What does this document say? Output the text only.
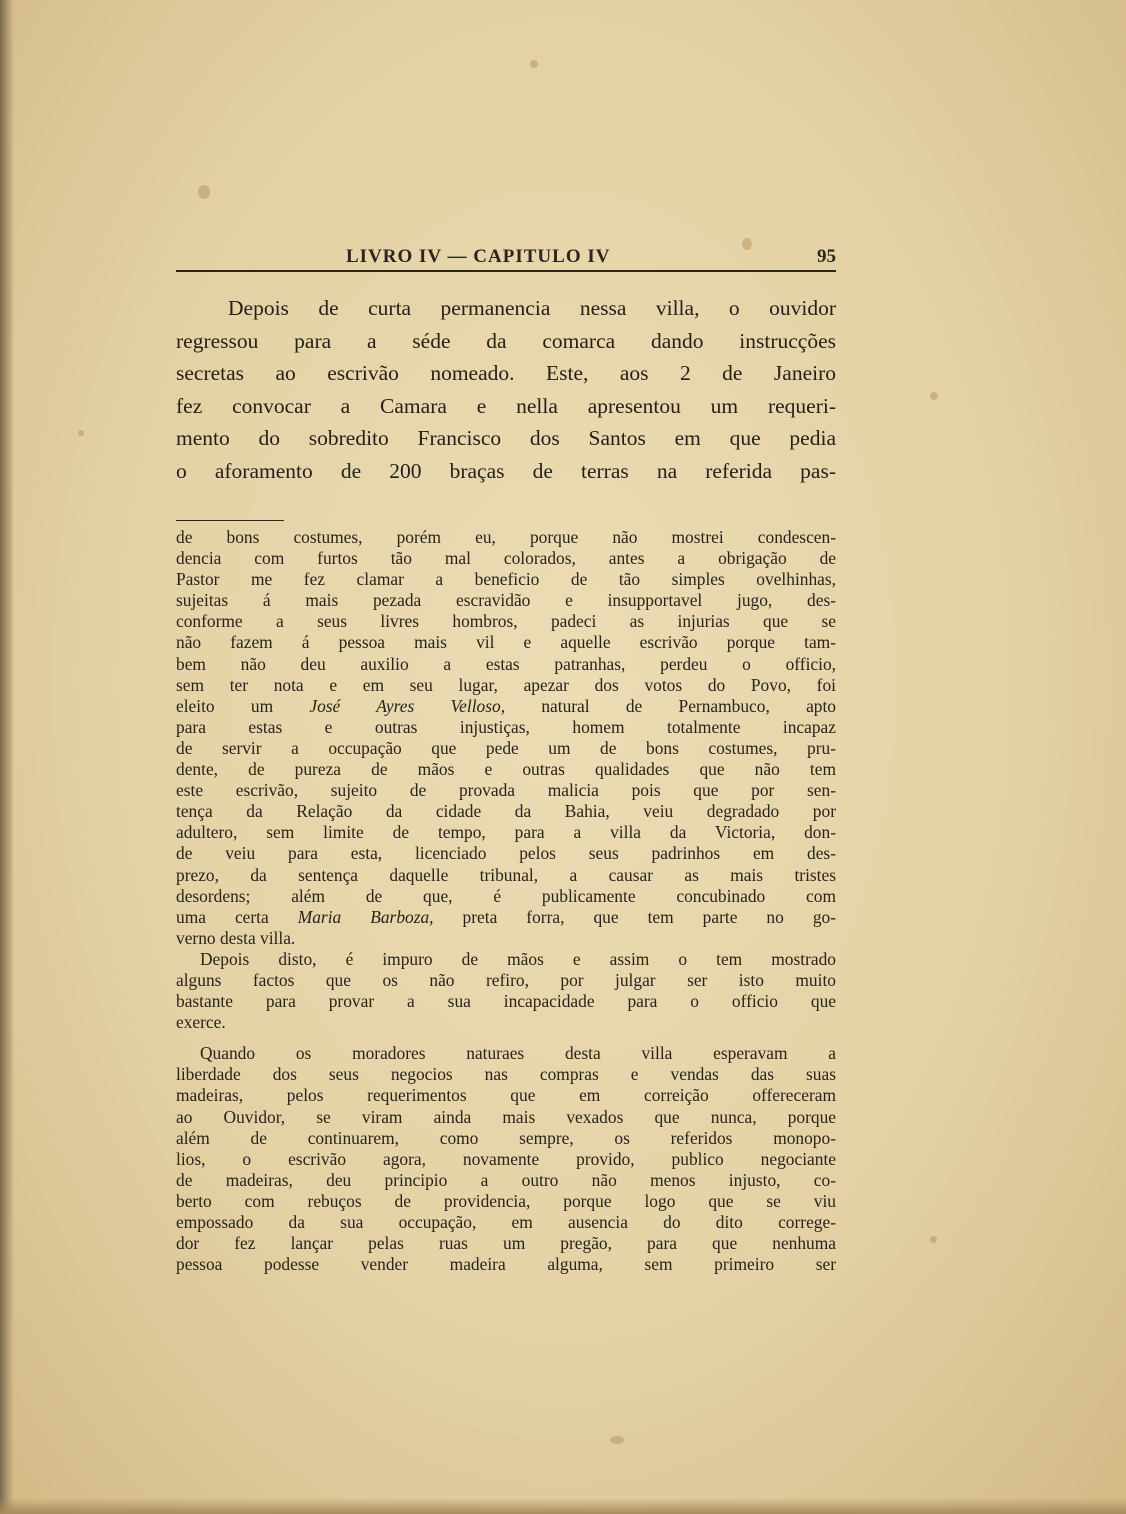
LIVRO IV — CAPITULO IV	95
Depois de curta permanencia nessa villa, o ouvidor
regressou para a séde da comarca dando instrucções
secretas ao escrivão nomeado. Este, aos 2 de Janeiro
fez convocar a Camara e nella apresentou um requeri-
mento do sobredito Francisco dos Santos em que pedia
o aforamento de 200 braças de terras na referida pas-
de bons costumes, porém eu, porque não mostrei condescen-
dencia com furtos tão mal colorados, antes a obrigação de
Pastor me fez clamar a beneficio de tão simples ovelhinhas,
sujeitas á mais pezada escravidão e insupportavel jugo, des-
conforme a seus livres hombros, padeci as injurias que se
não fazem á pessoa mais vil e aquelle escrivão porque tam-
bem não deu auxilio a estas patranhas, perdeu o officio,
sem ter nota e em seu lugar, apezar dos votos do Povo, foi
eleito um José Ayres Velloso, natural de Pernambuco, apto
para estas e outras injustiças, homem totalmente incapaz
de servir a occupação que pede um de bons costumes, pru-
dente, de pureza de mãos e outras qualidades que não tem
este escrivão, sujeito de provada malicia pois que por sen-
tença da Relação da cidade da Bahia, veiu degradado por
adultero, sem limite de tempo, para a villa da Victoria, don-
de veiu para esta, licenciado pelos seus padrinhos em des-
prezo, da sentença daquelle tribunal, a causar as mais tristes
desordens; além de que, é publicamente concubinado com
uma certa Maria Barboza, preta forra, que tem parte no go-
verno desta villa.
Depois disto, é impuro de mãos e assim o tem mostrado
alguns factos que os não refiro, por julgar ser isto muito
bastante para provar a sua incapacidade para o officio que
exerce.
Quando os moradores naturaes desta villa esperavam a
liberdade dos seus negocios nas compras e vendas das suas
madeiras, pelos requerimentos que em correição offereceram
ao Ouvidor, se viram ainda mais vexados que nunca, porque
além de continuarem, como sempre, os referidos monopo-
lios, o escrivão agora, novamente provido, publico negociante
de madeiras, deu principio a outro não menos injusto, co-
berto com rebuços de providencia, porque logo que se viu
empossado da sua occupação, em ausencia do dito correge-
dor fez lançar pelas ruas um pregão, para que nenhuma
pessoa podesse vender madeira alguma, sem primeiro ser
